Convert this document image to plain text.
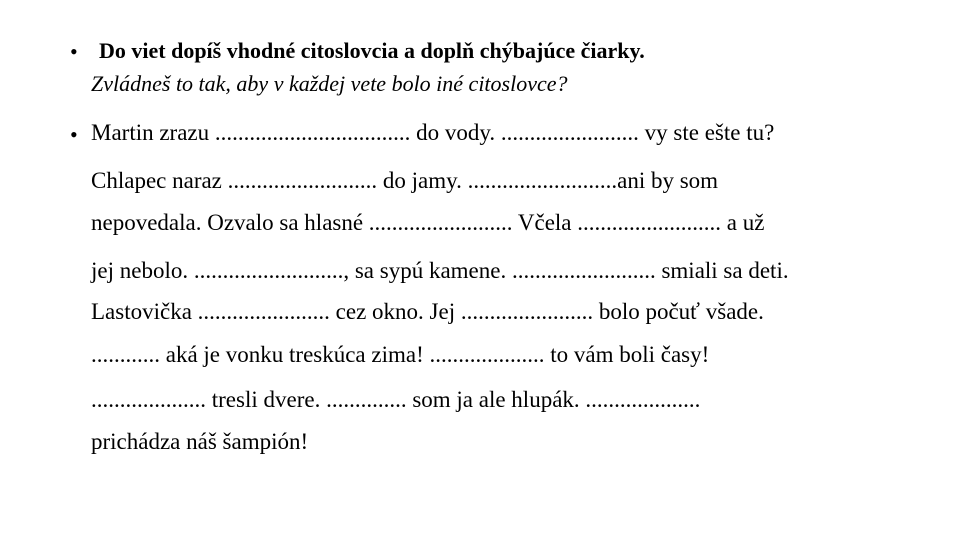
• Do viet dopíš vhodné citoslovcia a doplň chýbajúce čiarky.
Zvládneš to tak, aby v každej vete bolo iné citoslovce?
• Martin zrazu .................................. do vody. ........................ vy ste ešte tu?
Chlapec naraz .......................... do jamy. ..........................ani by som
nepovedala. Ozvalo sa hlasné ......................... Včela ......................... a už
jej nebolo. .........................., sa sypú kamene. ......................... smiali sa deti.
Lastovička ....................... cez okno. Jej ....................... bolo počuť všade.
............ aká je vonku treskúca zima! .................... to vám boli časy!
.................... tresli dvere. .............. som ja ale hlupák. ....................
prichádza náš šampión!
